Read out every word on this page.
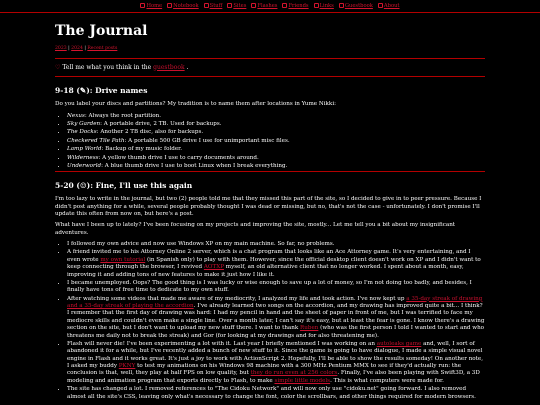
Home Notebook Stuff Sites Flashes Friends Links Guestbook About
The Journal
2023 | 2024 | Recent posts
♡ Tell me what you think in the guestbook .
9-18 (✎): Drive names

Do you label your discs and partitions? My tradition is to name them after locations in Yume Nikki:

• Nexus: Always the root partition.
• Sky Garden: A portable drive, 2 TB. Used for backups.
• The Docks: Another 2 TB disc, also for backups.
• Checkered Tile Path: A portable 500 GB drive I use for unimportant misc files.
• Lamp World: Backup of my music folder.
• Wilderness: A yellow thumb drive I use to carry documents around.
• Underworld: A blue thumb drive I use to boot Linux when I break everything.
5-20 (☺): Fine, I'll use this again

I'm too lazy to write in the journal, but two (2) people told me that they missed this part of the site, so I decided to give in to peer pressure. Because I didn't post anything for a while, several people probably thought I was dead or missing, but no, that's not the case - unfortunately. I don't promise I'll update this often from now on, but here's a post.

What have I been up to lately? I've been focusing on my projects and improving the site, mostly... Let me tell you a bit about my insignificant adventures.

• I followed my own advice and now use Windows XP on my main machine. So far, no problems.
• A friend invited me to his Attorney Online 2 server, which is a chat program that looks like an Ace Attorney game. It's very entertaining, and I even wrote my own tutorial (in Spanish only) to play with them. However, since the official desktop client doesn't work on XP and I didn't want to keep connecting through the browser, I revived AOTXP myself, an old alternative client that no longer worked. I spent about a month, easy, improving it and adding tons of new features to make it just how I like it.
• I became unemployed. Oops? The good thing is I was lucky or wise enough to save up a lot of money, so I'm not doing too badly, and besides, I finally have tons of free time to dedicate to my own stuff.
• After watching some videos that made me aware of my mediocrity, I analyzed my life and took action. I've now kept up a 35-day streak of drawing and a 35-day streak of playing the accordion. I've already learned two songs on the accordion, and my drawing has improved quite a bit... I think? I remember that the first day of drawing was hard: I had my pencil in hand and the sheet of paper in front of me, but I was terrified to face my mediocre skills and couldn't even make a single line. Over a month later, I can't say it's easy, but at least the fear is gone. I know there's a drawing section on the site, but I don't want to upload my new stuff there. I want to thank Ruben (who was the first person I told I wanted to start and who threatens me daily not to break the streak) and Gor (for looking at my drawings and for also threatening me).
• Flash will never die! I've been experimenting a lot with it. Last year I briefly mentioned I was working on an autoleaks game and, well, I sort of abandoned it for a while, but I've recently added a bunch of new stuff to it. Since the game is going to have dialogue, I made a simple visual novel engine in Flash and it works great. It's just a joy to work with ActionScript 2. Hopefully, I'll be able to show the results someday! On another note, I asked my buddy PKNY to test my animations on his Windows 98 machine with a 300 MHz Pentium MMX to see if they'd actually run: the conclusion is that, well, they play at half FPS on low quality, but they do run even at 256 colors. Finally, I've also been playing with Swift3D, a 3D modeling and animation program that exports directly to Flash, to make simple little models. This is what computers were made for.
• The site has changed a lot. I removed references to "The Cidoku Network" and will now only use "cidoku.net" going forward. I also removed almost all the site's CSS, leaving only what's necessary to change the font, color the scrollbars, and other things required for modern browsers.
